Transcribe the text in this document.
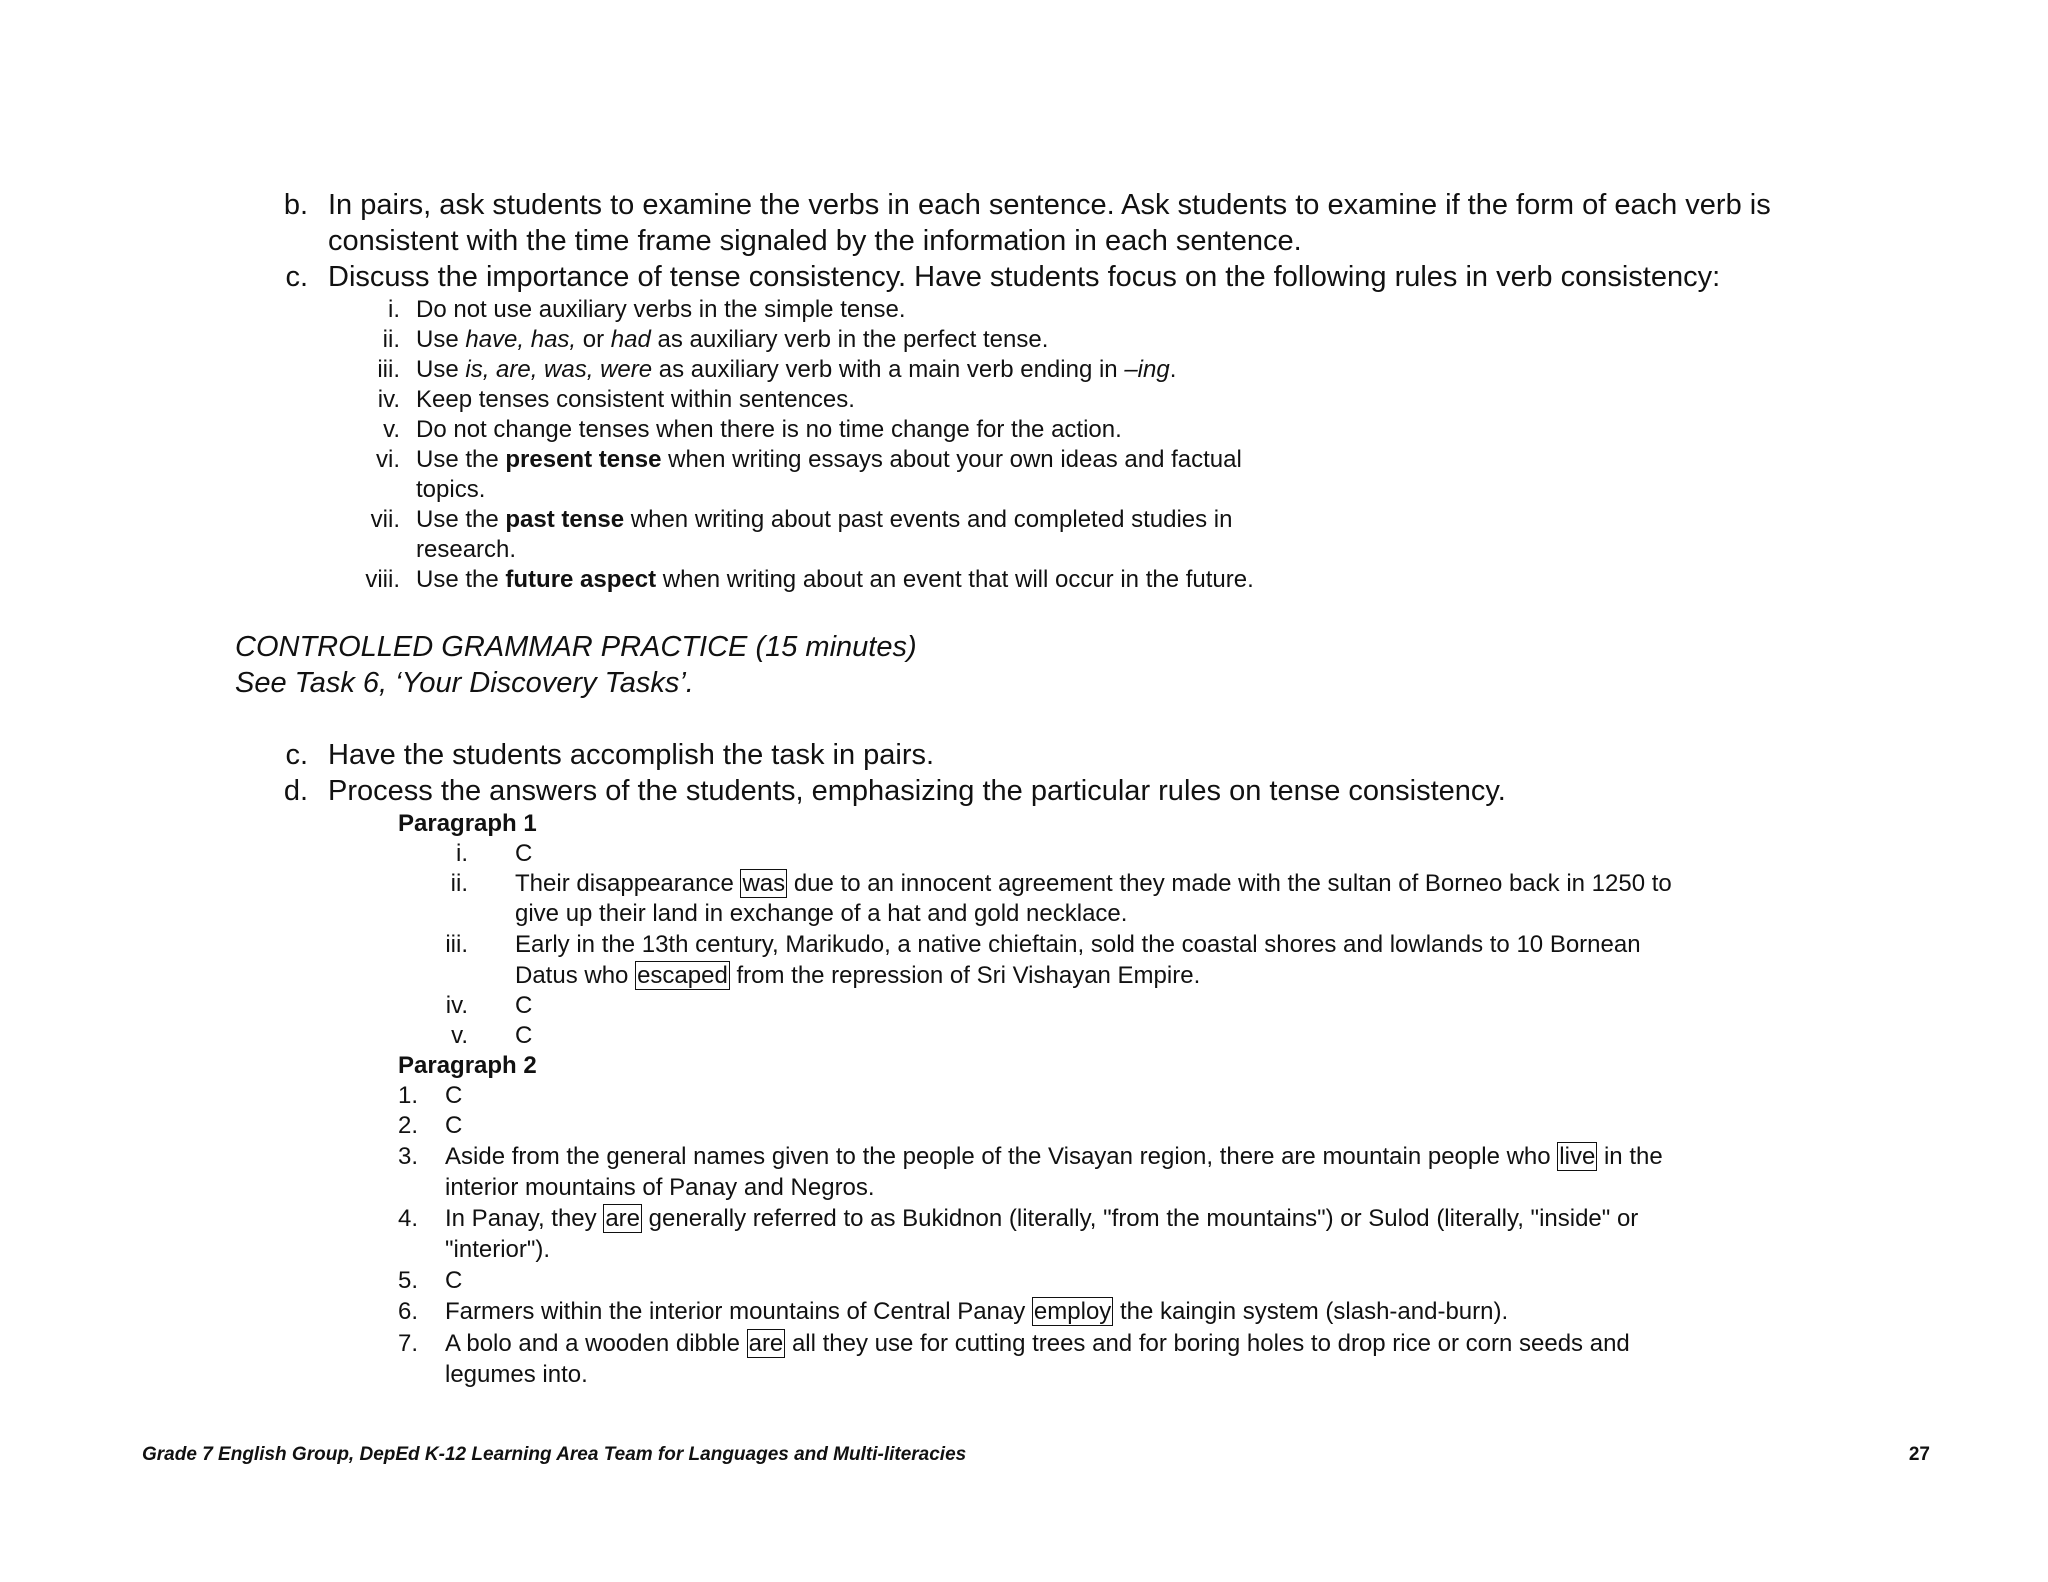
b. In pairs, ask students to examine the verbs in each sentence. Ask students to examine if the form of each verb is
consistent with the time frame signaled by the information in each sentence.
c. Discuss the importance of tense consistency. Have students focus on the following rules in verb consistency:
i. Do not use auxiliary verbs in the simple tense.
ii. Use have, has, or had as auxiliary verb in the perfect tense.
iii. Use is, are, was, were as auxiliary verb with a main verb ending in –ing.
iv. Keep tenses consistent within sentences.
v. Do not change tenses when there is no time change for the action.
vi. Use the present tense when writing essays about your own ideas and factual
topics.
vii. Use the past tense when writing about past events and completed studies in
research.
viii. Use the future aspect when writing about an event that will occur in the future.
CONTROLLED GRAMMAR PRACTICE (15 minutes)
See Task 6, ‘Your Discovery Tasks’.
c. Have the students accomplish the task in pairs.
d. Process the answers of the students, emphasizing the particular rules on tense consistency.
Paragraph 1
i. C
ii. Their disappearance was due to an innocent agreement they made with the sultan of Borneo back in 1250 to
give up their land in exchange of a hat and gold necklace.
iii. Early in the 13th century, Marikudo, a native chieftain, sold the coastal shores and lowlands to 10 Bornean
Datus who escaped from the repression of Sri Vishayan Empire.
iv. C
v. C
Paragraph 2
1. C
2. C
3. Aside from the general names given to the people of the Visayan region, there are mountain people who live in the
interior mountains of Panay and Negros.
4. In Panay, they are generally referred to as Bukidnon (literally, "from the mountains") or Sulod (literally, "inside" or
"interior").
5. C
6. Farmers within the interior mountains of Central Panay employ the kaingin system (slash-and-burn).
7. A bolo and a wooden dibble are all they use for cutting trees and for boring holes to drop rice or corn seeds and
legumes into.
Grade 7 English Group, DepEd K-12 Learning Area Team for Languages and Multi-literacies	27
